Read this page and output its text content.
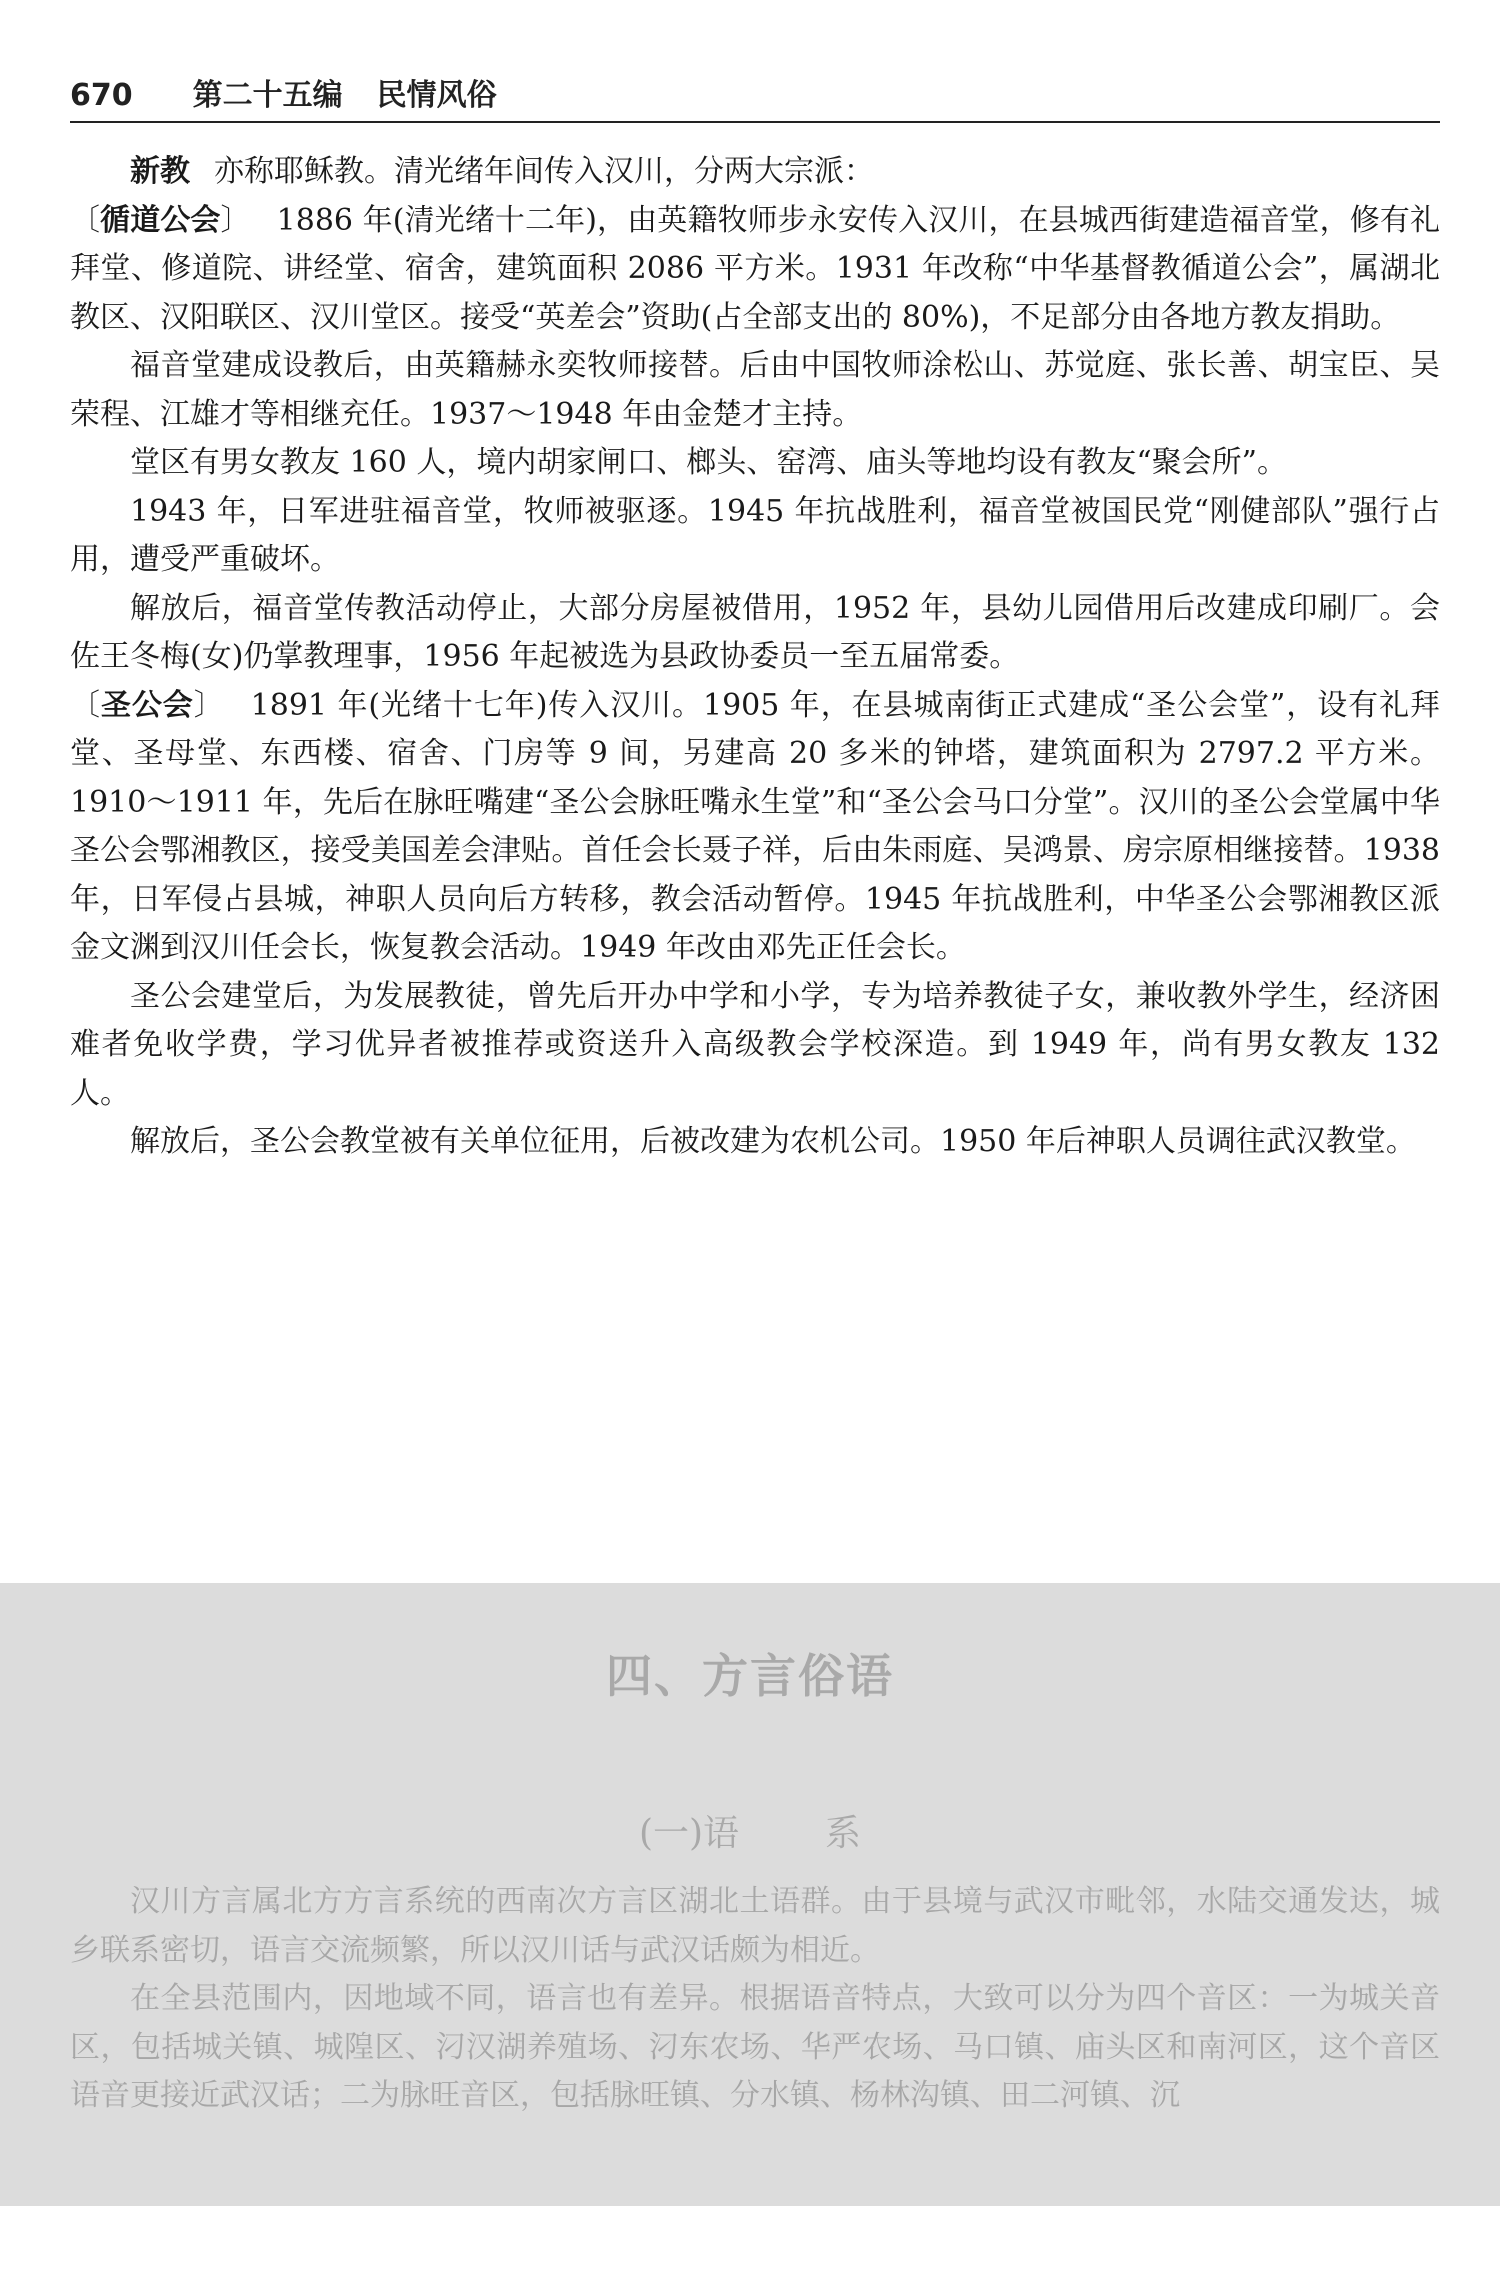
670 第二十五编 民情风俗

新教 亦称耶稣教。清光绪年间传入汉川，分两大宗派：

〔循道公会〕 1886 年(清光绪十二年)，由英籍牧师步永安传入汉川，在县城西街建造福音堂，修有礼拜堂、修道院、讲经堂、宿舍，建筑面积 2086 平方米。1931 年改称“中华基督教循道公会”，属湖北教区、汉阳联区、汉川堂区。接受“英差会”资助(占全部支出的 80%)，不足部分由各地方教友捐助。

福音堂建成设教后，由英籍赫永奕牧师接替。后由中国牧师涂松山、苏觉庭、张长善、胡宝臣、吴荣程、江雄才等相继充任。1937～1948 年由金楚才主持。

堂区有男女教友 160 人，境内胡家闸口、榔头、窑湾、庙头等地均设有教友“聚会所”。

1943 年，日军进驻福音堂，牧师被驱逐。1945 年抗战胜利，福音堂被国民党“刚健部队”强行占用，遭受严重破坏。

解放后，福音堂传教活动停止，大部分房屋被借用，1952 年，县幼儿园借用后改建成印刷厂。会佐王冬梅(女)仍掌教理事，1956 年起被选为县政协委员一至五届常委。

〔圣公会〕 1891 年(光绪十七年)传入汉川。1905 年，在县城南街正式建成“圣公会堂”，设有礼拜堂、圣母堂、东西楼、宿舍、门房等 9 间，另建高 20 多米的钟塔，建筑面积为 2797.2 平方米。1910～1911 年，先后在脉旺嘴建“圣公会脉旺嘴永生堂”和“圣公会马口分堂”。汉川的圣公会堂属中华圣公会鄂湘教区，接受美国差会津贴。首任会长聂子祥，后由朱雨庭、吴鸿景、房宗原相继接替。1938 年，日军侵占县城，神职人员向后方转移，教会活动暂停。1945 年抗战胜利，中华圣公会鄂湘教区派金文渊到汉川任会长，恢复教会活动。1949 年改由邓先正任会长。

圣公会建堂后，为发展教徒，曾先后开办中学和小学，专为培养教徒子女，兼收教外学生，经济困难者免收学费，学习优异者被推荐或资送升入高级教会学校深造。到 1949 年，尚有男女教友 132 人。

解放后，圣公会教堂被有关单位征用，后被改建为农机公司。1950 年后神职人员调往武汉教堂。

四、方言俗语
(一)语 系

汉川方言属北方方言系统的西南次方言区湖北土语群。由于县境与武汉市毗邻，水陆交通发达，城乡联系密切，语言交流频繁，所以汉川话与武汉话颇为相近。

在全县范围内，因地域不同，语言也有差异。根据语音特点，大致可以分为四个音区：一为城关音区，包括城关镇、城隍区、汈汉湖养殖场、汈东农场、华严农场、马口镇、庙头区和南河区，这个音区语音更接近武汉话；二为脉旺音区，包括脉旺镇、分水镇、杨林沟镇、田二河镇、沉
